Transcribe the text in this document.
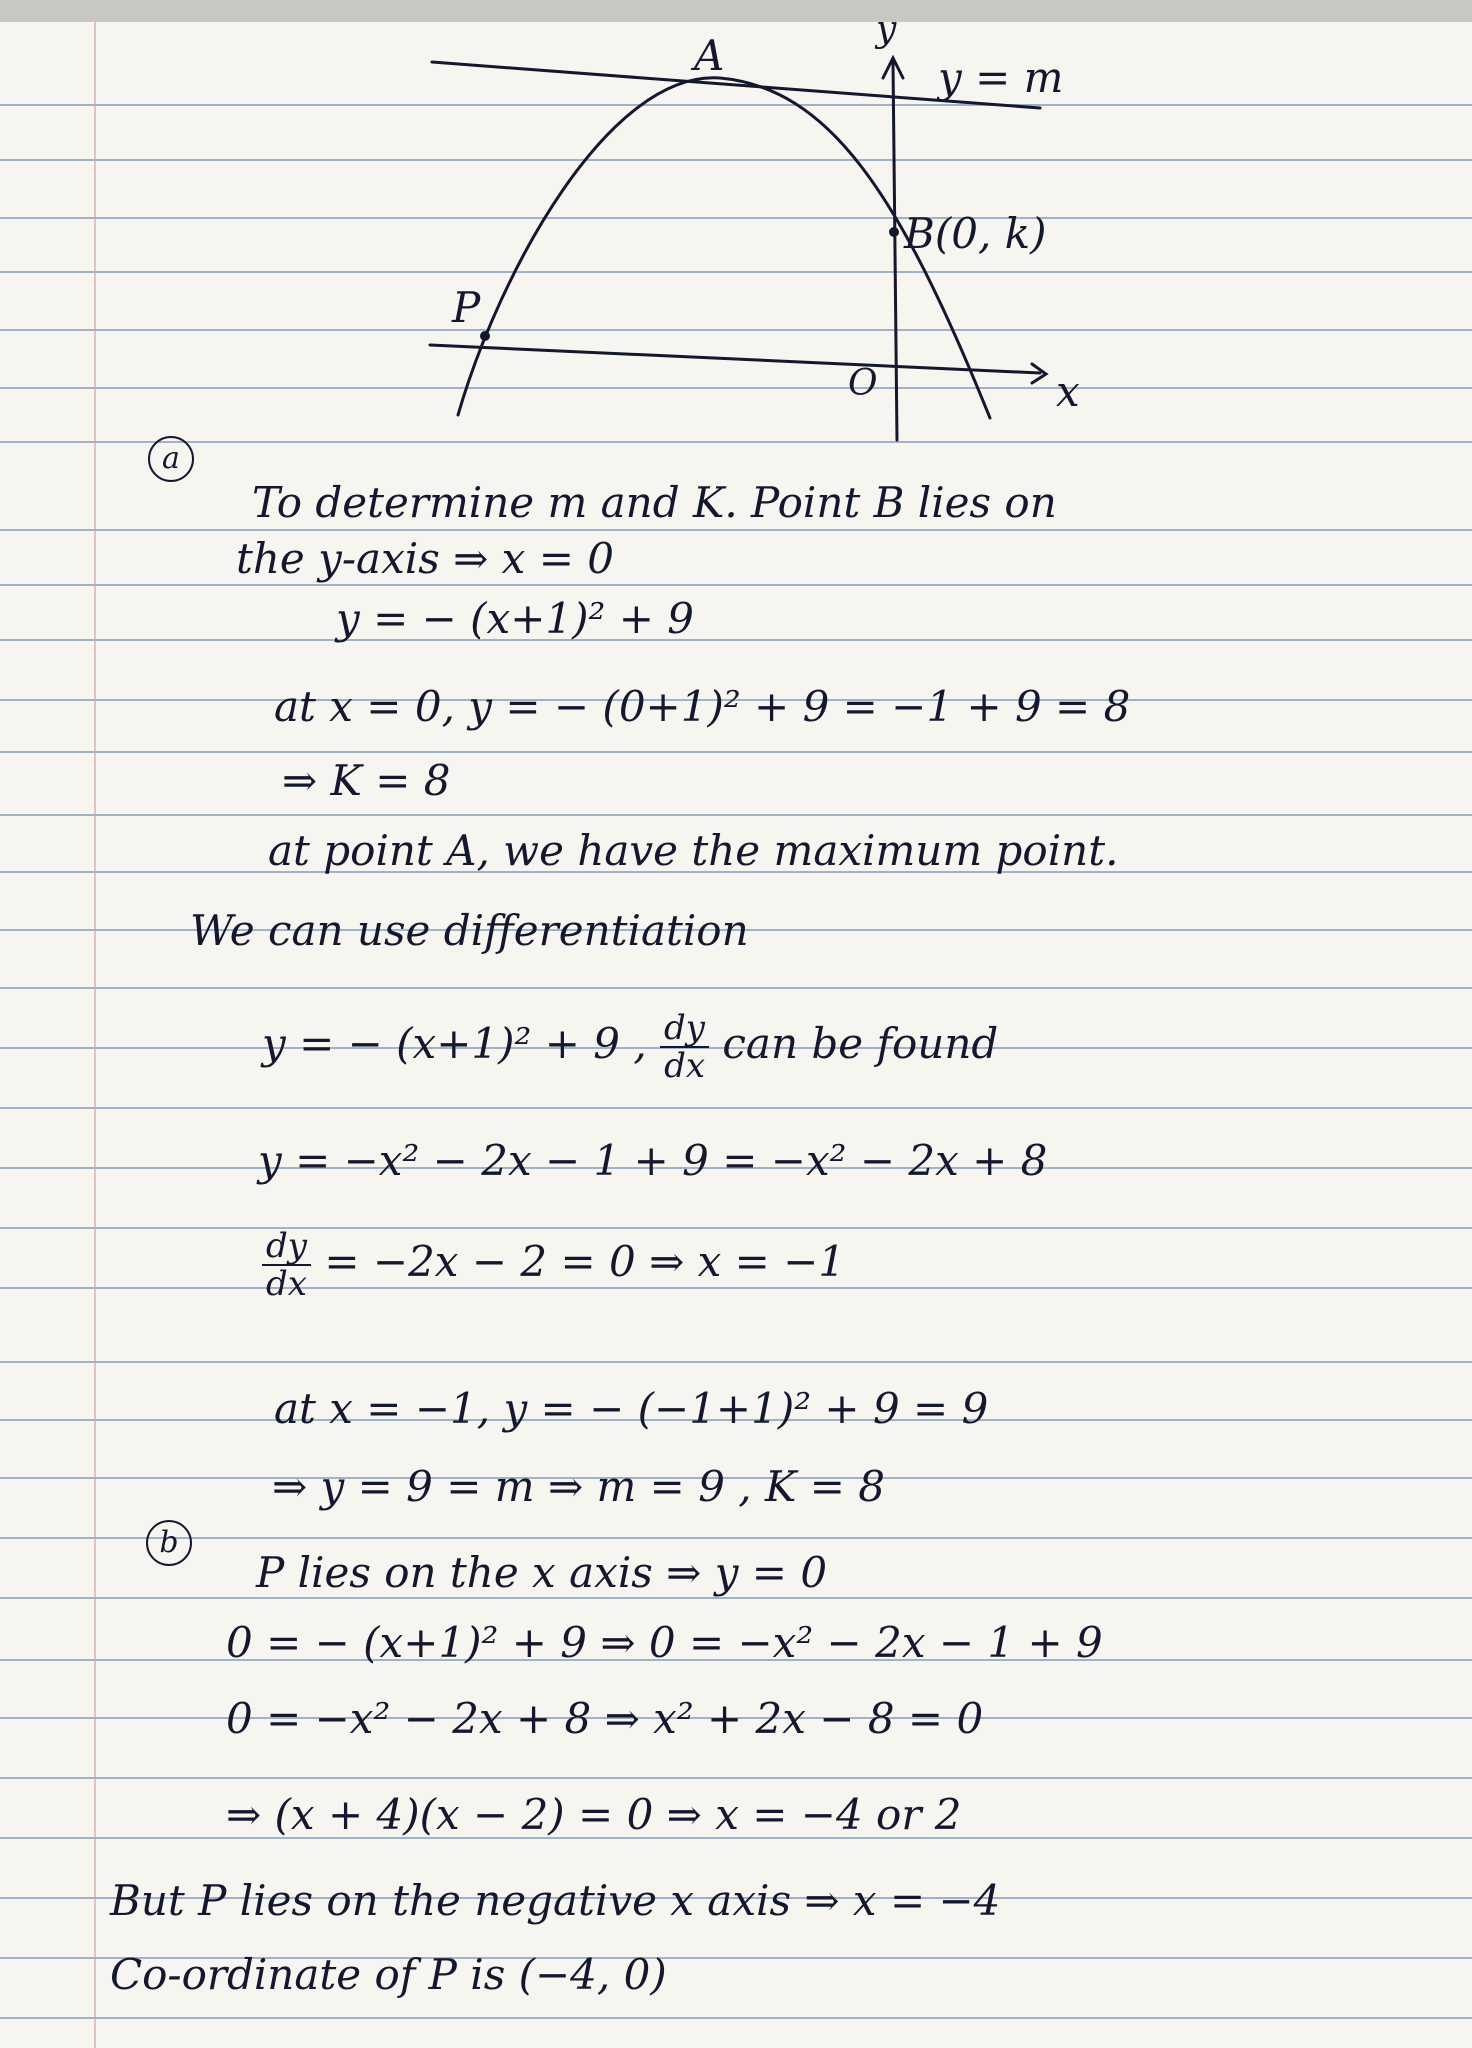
A
y
y = m
B(0, k)
P
O	x
a
To determine m and K. Point B lies on
the y-axis ⇒ x = 0
y = − (x+1)² + 9
at x = 0, y = − (0+1)² + 9 = −1 + 9 = 8
⇒ K = 8
at point A, we have the maximum point.
We can use differentiation
y = − (x+1)² + 9 , $\frac{dy}{dx}$ can be found
y = −x² − 2x − 1 + 9 = −x² − 2x + 8
$\frac{dy}{dx} = -2x - 2 = 0$ ⇒ x = −1
at x = −1, y = − (−1+1)² + 9 = 9
⇒ y = 9 = m ⇒ m = 9 , K = 8
b
P lies on the x axis ⇒ y = 0
0 = − (x+1)² + 9 ⇒ 0 = −x² − 2x − 1 + 9
0 = −x² − 2x + 8 ⇒ x² + 2x − 8 = 0
⇒ (x + 4)(x − 2) = 0 ⇒ x = −4 or 2
But P lies on the negative x axis ⇒ x = −4
Co-ordinate of P is (−4, 0)
